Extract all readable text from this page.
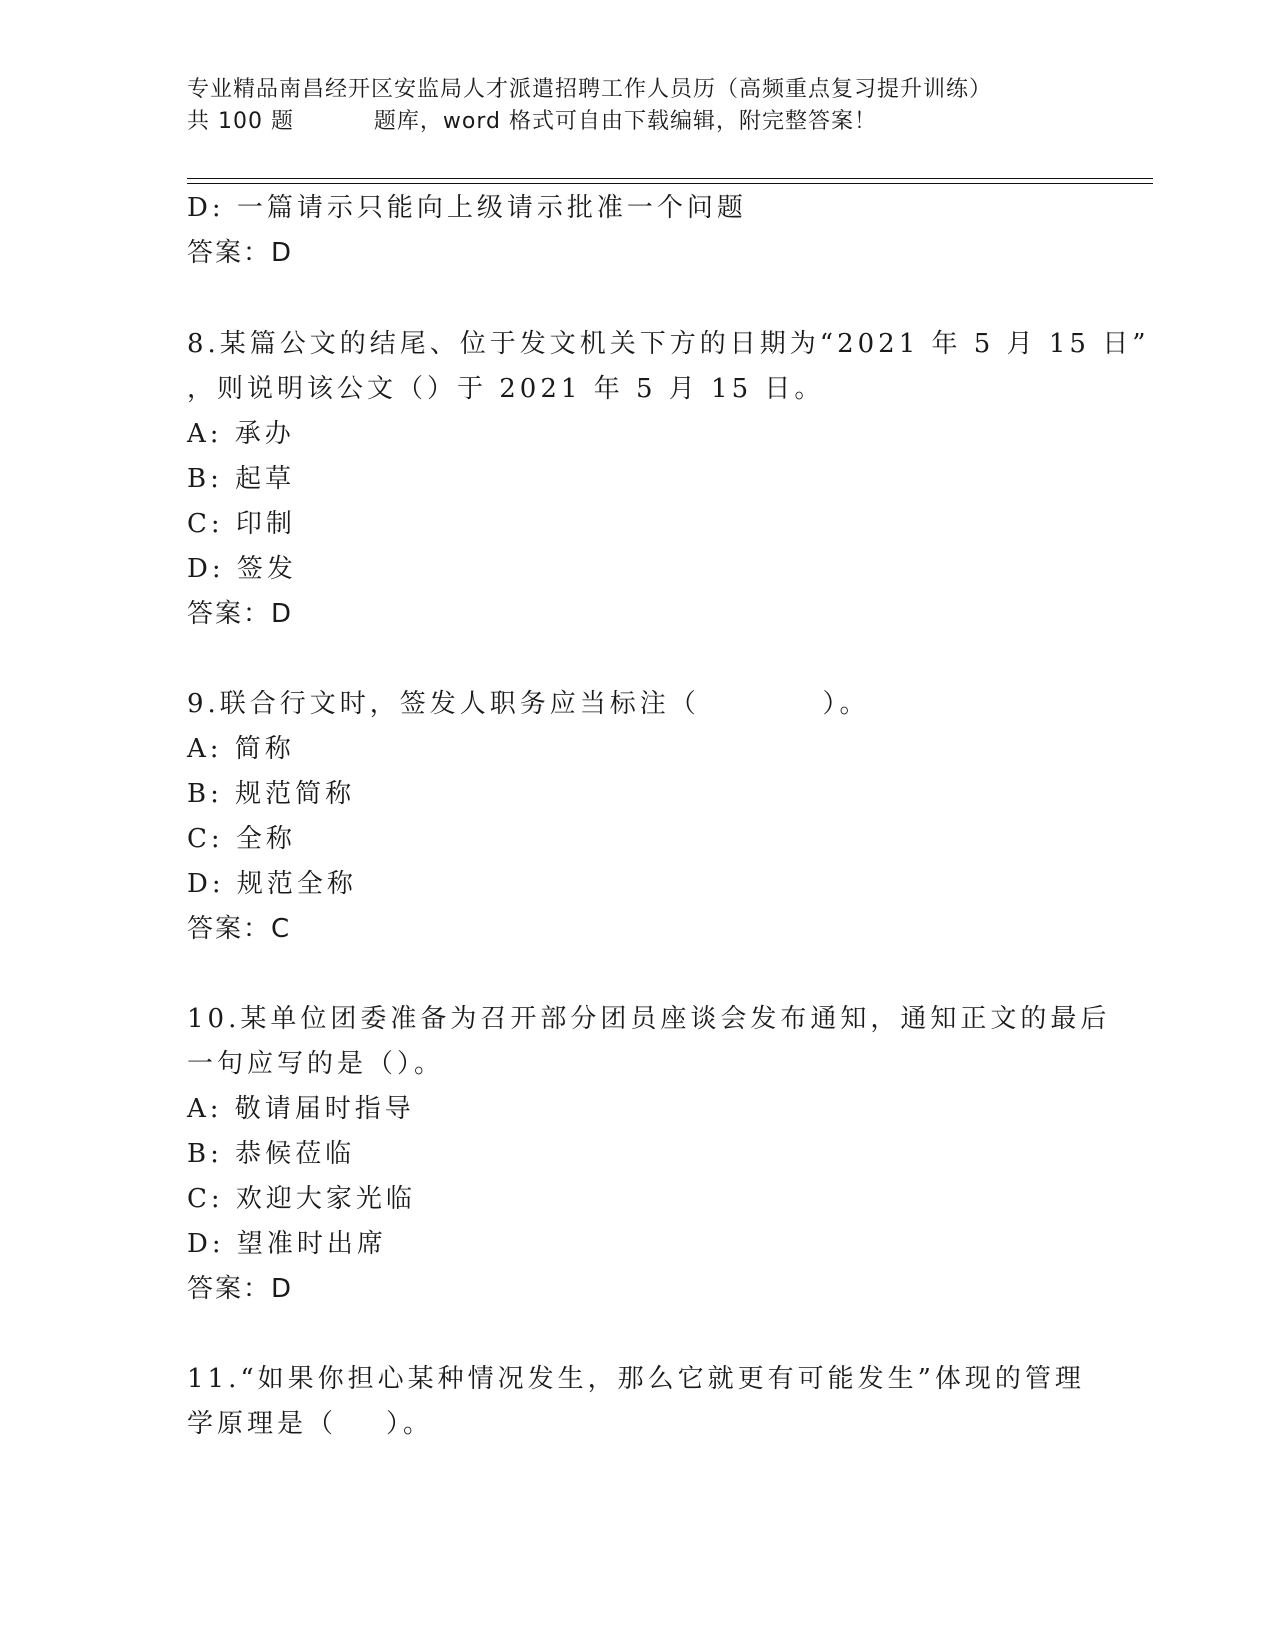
专业精品南昌经开区安监局人才派遣招聘工作人员历（高频重点复习提升训练）
共 100 题          题库，word 格式可自由下载编辑，附完整答案！
D: 一篇请示只能向上级请示批准一个问题
答案：D
8.某篇公文的结尾、位于发文机关下方的日期为“2021 年 5 月 15 日”
，则说明该公文（）于 2021 年 5 月 15 日。
A: 承办
B: 起草
C: 印制
D: 签发
答案：D
9.联合行文时，签发人职务应当标注（          ）。
A: 简称
B: 规范简称
C: 全称
D: 规范全称
答案：C
10.某单位团委准备为召开部分团员座谈会发布通知，通知正文的最后
一句应写的是（）。
A: 敬请届时指导
B: 恭候莅临
C: 欢迎大家光临
D: 望准时出席
答案：D
11.“如果你担心某种情况发生，那么它就更有可能发生”体现的管理
学原理是（    ）。
